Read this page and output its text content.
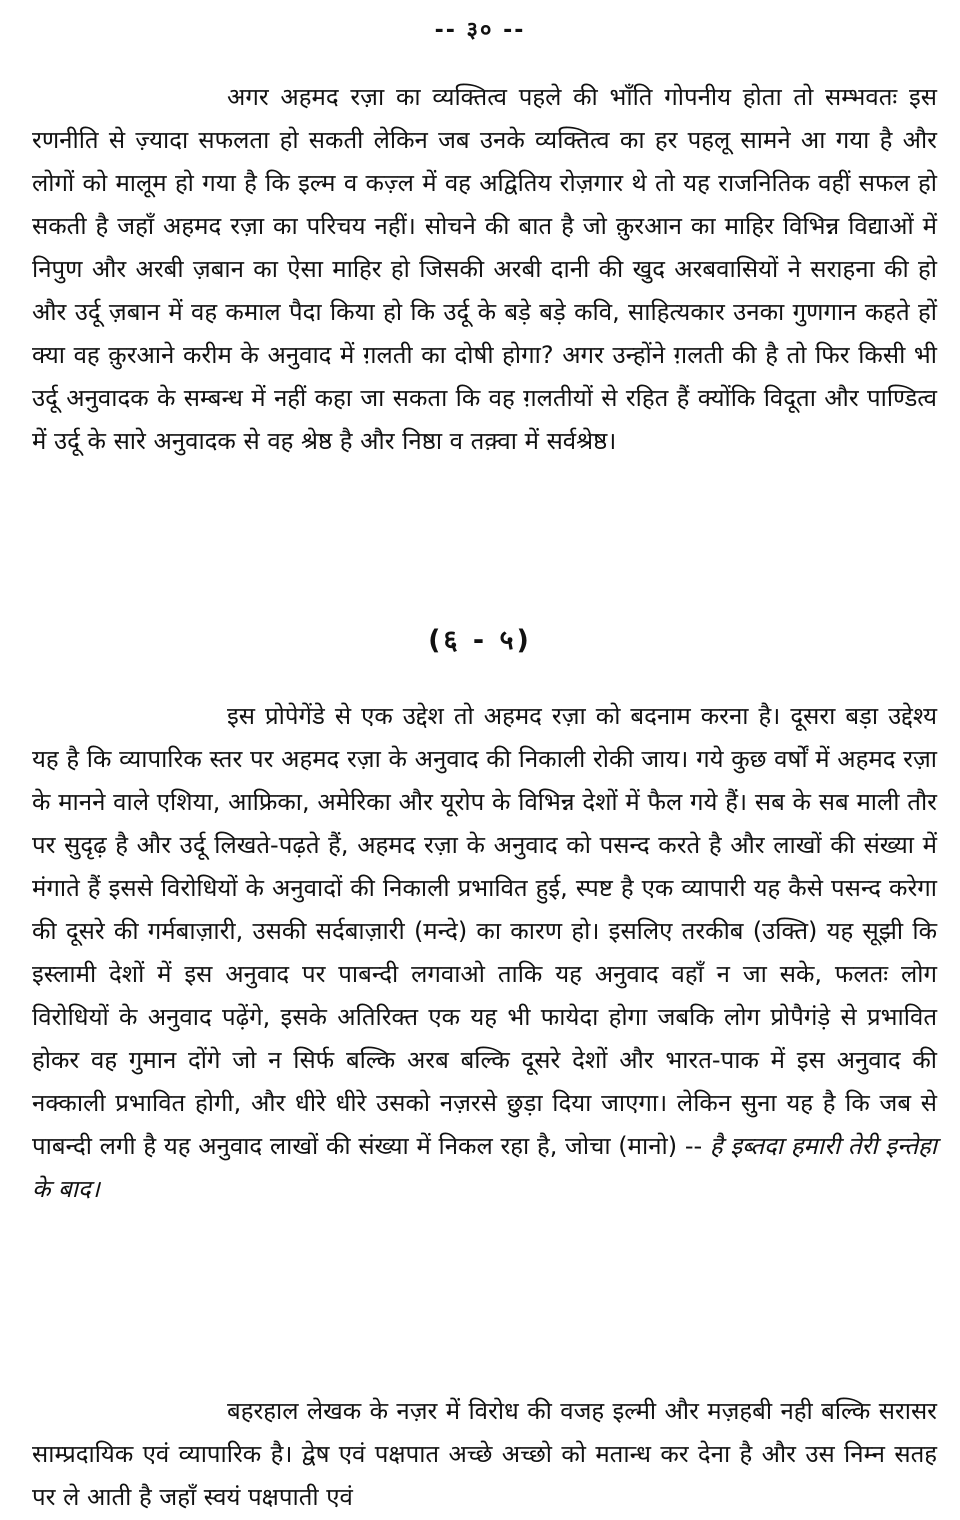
-- ३० --

अगर अहमद रज़ा का व्यक्तित्व पहले की भाँति गोपनीय होता तो सम्भवतः इस रणनीति से ज़्यादा सफलता हो सकती लेकिन जब उनके व्यक्तित्व का हर पहलू सामने आ गया है और लोगों को मालूम हो गया है कि इल्म व कज़्ल में वह अद्वितिय रोज़गार थे तो यह राजनितिक वहीं सफल हो सकती है जहाँ अहमद रज़ा का परिचय नहीं। सोचने की बात है जो क़ुरआन का माहिर विभिन्न विद्याओं में निपुण और अरबी ज़बान का ऐसा माहिर हो जिसकी अरबी दानी की खुद अरबवासियों ने सराहना की हो और उर्दू ज़बान में वह कमाल पैदा किया हो कि उर्दू के बड़े बड़े कवि, साहित्यकार उनका गुणगान कहते हों क्या वह क़ुरआने करीम के अनुवाद में ग़लती का दोषी होगा? अगर उन्होंने ग़लती की है तो फिर किसी भी उर्दू अनुवादक के सम्बन्ध में नहीं कहा जा सकता कि वह ग़लतीयों से रहित हैं क्योंकि विदूता और पाण्डित्व में उर्दू के सारे अनुवादक से वह श्रेष्ठ है और निष्ठा व तक़्वा में सर्वश्रेष्ठ।

(६ - ५)

इस प्रोपेगेंडे से एक उद्देश तो अहमद रज़ा को बदनाम करना है। दूसरा बड़ा उद्देश्य यह है कि व्यापारिक स्तर पर अहमद रज़ा के अनुवाद की निकाली रोकी जाय। गये कुछ वर्षों में अहमद रज़ा के मानने वाले एशिया, आफ्रिका, अमेरिका और यूरोप के विभिन्न देशों में फैल गये हैं। सब के सब माली तौर पर सुदृढ़ है और उर्दू लिखते-पढ़ते हैं, अहमद रज़ा के अनुवाद को पसन्द करते है और लाखों की संख्या में मंगाते हैं इससे विरोधियों के अनुवादों की निकाली प्रभावित हुई, स्पष्ट है एक व्यापारी यह कैसे पसन्द करेगा की दूसरे की गर्मबाज़ारी, उसकी सर्दबाज़ारी (मन्दे) का कारण हो। इसलिए तरकीब (उक्ति) यह सूझी कि इस्लामी देशों में इस अनुवाद पर पाबन्दी लगवाओ ताकि यह अनुवाद वहाँ न जा सके, फलतः लोग विरोधियों के अनुवाद पढ़ेंगे, इसके अतिरिक्त एक यह भी फायेदा होगा जबकि लोग प्रोपैगंड़े से प्रभावित होकर वह गुमान दोंगे जो न सिर्फ बल्कि अरब बल्कि दूसरे देशों और भारत-पाक में इस अनुवाद की नक्काली प्रभावित होगी, और धीरे धीरे उसको नज़रसे छुड़ा दिया जाएगा। लेकिन सुना यह है कि जब से पाबन्दी लगी है यह अनुवाद लाखों की संख्या में निकल रहा है, जोचा (मानो) -- है इब्तदा हमारी तेरी इन्तेहा के बाद।

बहरहाल लेखक के नज़र में विरोध की वजह इल्मी और मज़हबी नही बल्कि सरासर साम्प्रदायिक एवं व्यापारिक है। द्वेष एवं पक्षपात अच्छे अच्छो को मतान्ध कर देना है और उस निम्न सतह पर ले आती है जहाँ स्वयं पक्षपाती एवं
